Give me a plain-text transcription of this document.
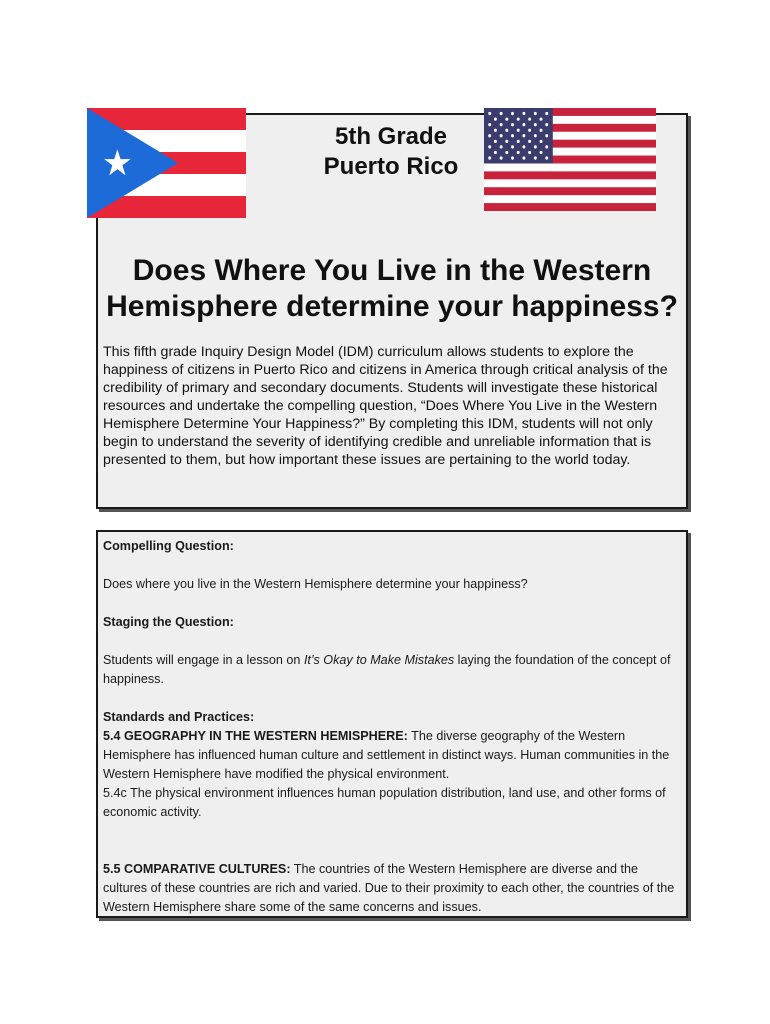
5th Grade
Puerto Rico
Does Where You Live in the Western Hemisphere determine your happiness?

This fifth grade Inquiry Design Model (IDM) curriculum allows students to explore the happiness of citizens in Puerto Rico and citizens in America through critical analysis of the credibility of primary and secondary documents. Students will investigate these historical resources and undertake the compelling question, “Does Where You Live in the Western Hemisphere Determine Your Happiness?” By completing this IDM, students will not only begin to understand the severity of identifying credible and unreliable information that is presented to them, but how important these issues are pertaining to the world today.

Compelling Question:

Does where you live in the Western Hemisphere determine your happiness?

Staging the Question:

Students will engage in a lesson on It’s Okay to Make Mistakes laying the foundation of the concept of happiness.

Standards and Practices:

5.4 GEOGRAPHY IN THE WESTERN HEMISPHERE: The diverse geography of the Western Hemisphere has influenced human culture and settlement in distinct ways. Human communities in the Western Hemisphere have modified the physical environment.

5.4c The physical environment influences human population distribution, land use, and other forms of economic activity.

5.5 COMPARATIVE CULTURES: The countries of the Western Hemisphere are diverse and the cultures of these countries are rich and varied. Due to their proximity to each other, the countries of the Western Hemisphere share some of the same concerns and issues.
